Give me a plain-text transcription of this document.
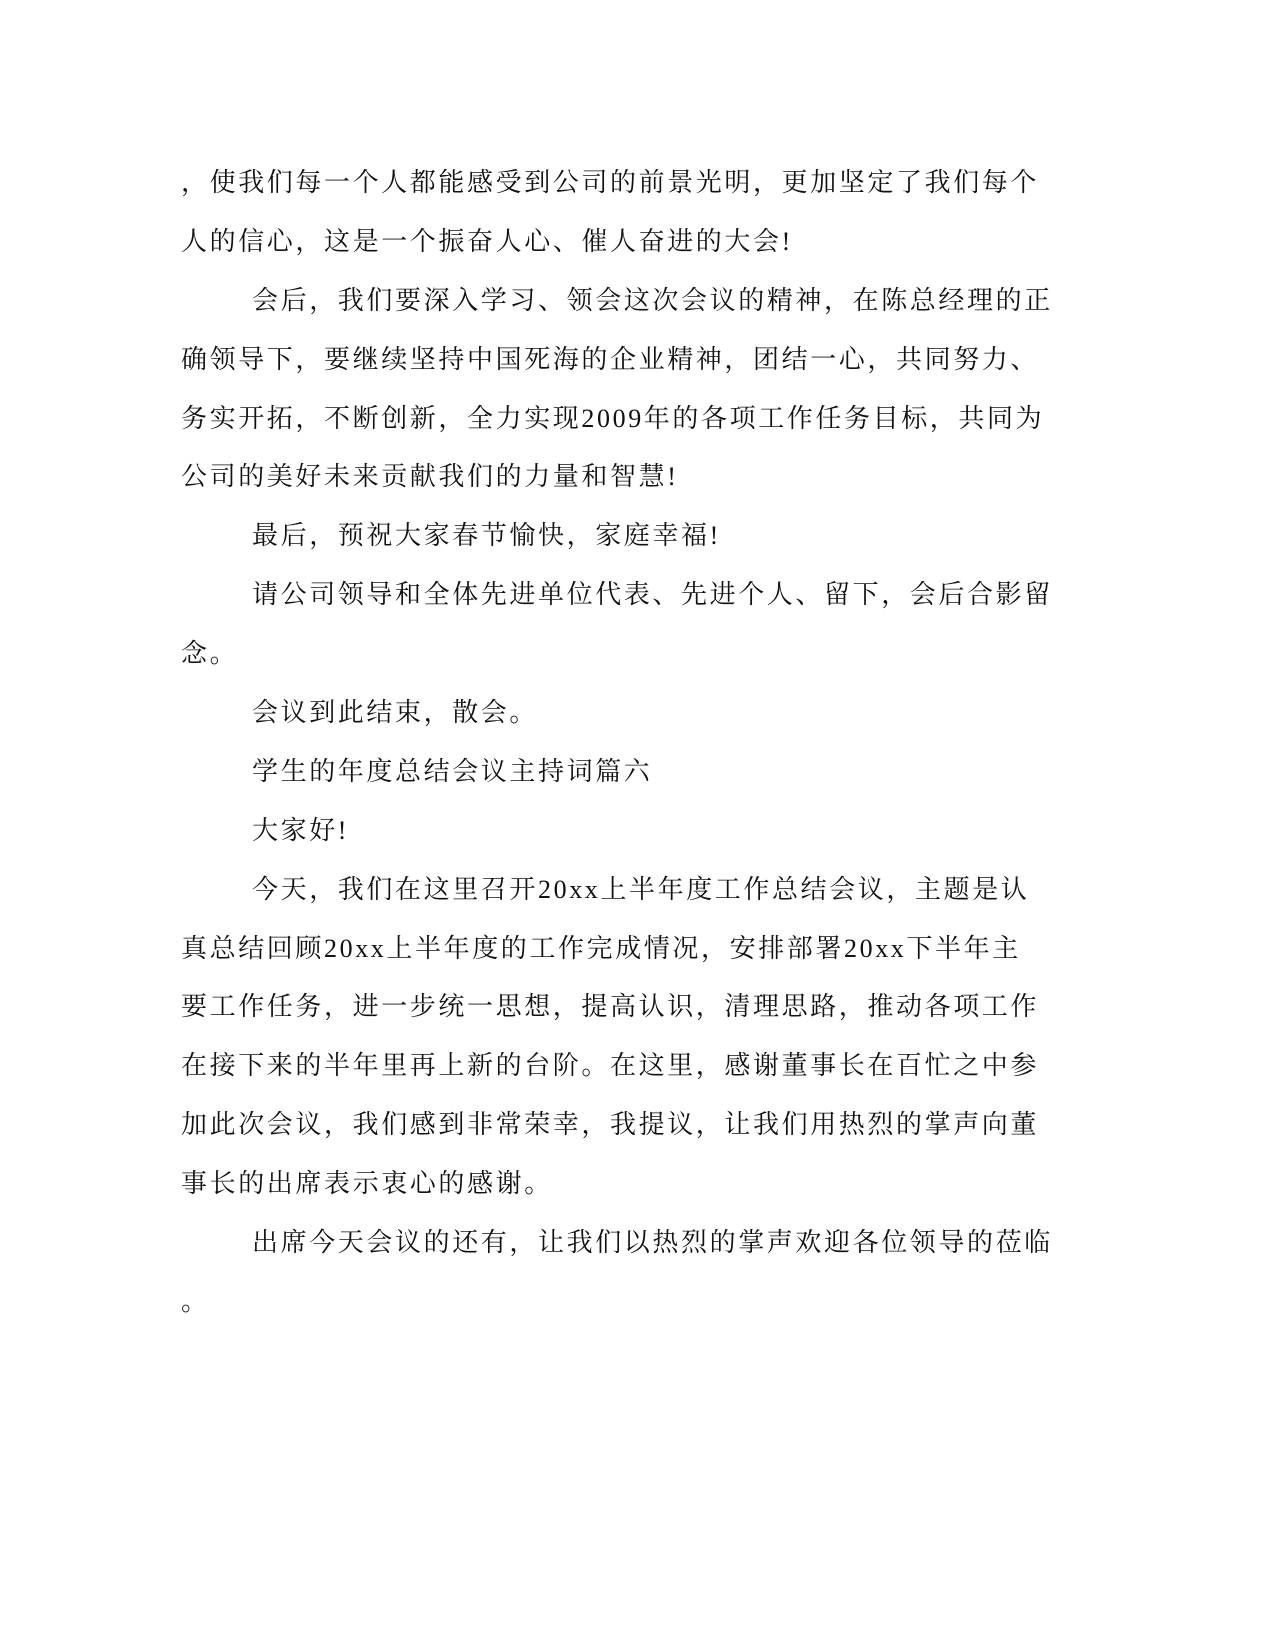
，使我们每一个人都能感受到公司的前景光明，更加坚定了我们每个
人的信心，这是一个振奋人心、催人奋进的大会!
会后，我们要深入学习、领会这次会议的精神，在陈总经理的正
确领导下，要继续坚持中国死海的企业精神，团结一心，共同努力、
务实开拓，不断创新，全力实现2009年的各项工作任务目标，共同为
公司的美好未来贡献我们的力量和智慧!
最后，预祝大家春节愉快，家庭幸福!
请公司领导和全体先进单位代表、先进个人、留下，会后合影留
念。
会议到此结束，散会。
学生的年度总结会议主持词篇六
大家好!
今天，我们在这里召开20xx上半年度工作总结会议，主题是认
真总结回顾20xx上半年度的工作完成情况，安排部署20xx下半年主
要工作任务，进一步统一思想，提高认识，清理思路，推动各项工作
在接下来的半年里再上新的台阶。在这里，感谢董事长在百忙之中参
加此次会议，我们感到非常荣幸，我提议，让我们用热烈的掌声向董
事长的出席表示衷心的感谢。
出席今天会议的还有，让我们以热烈的掌声欢迎各位领导的莅临
。
